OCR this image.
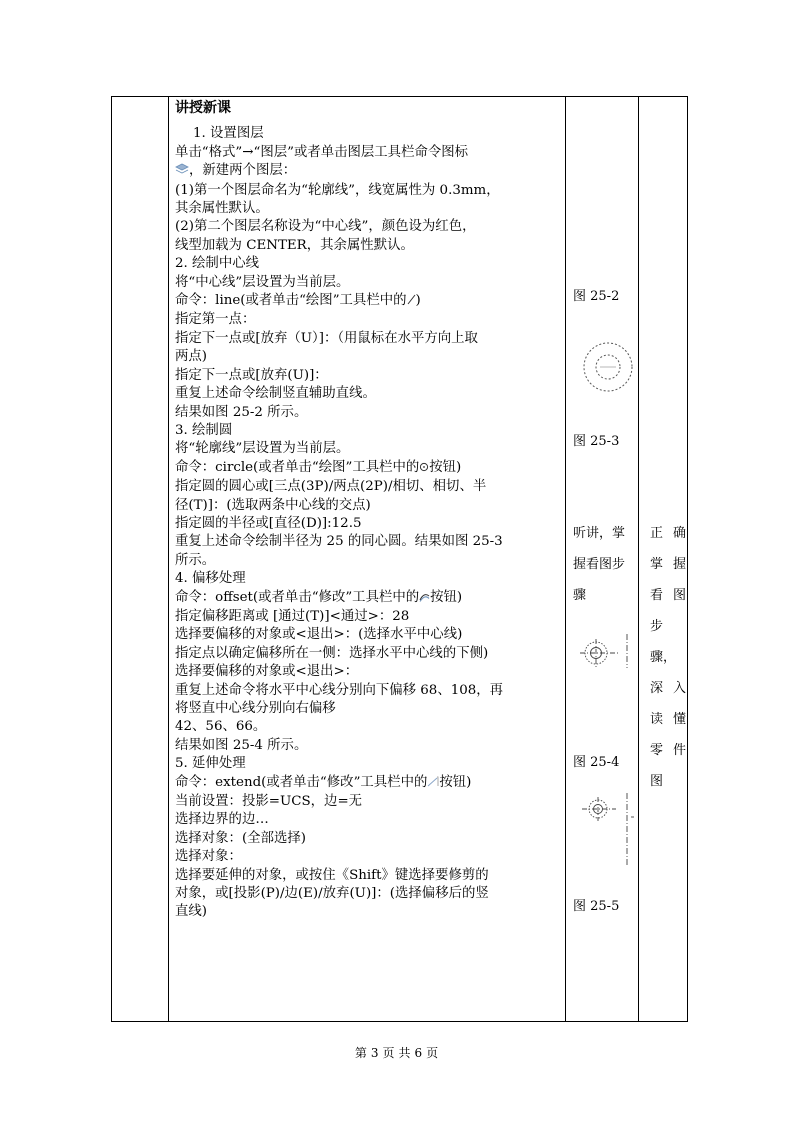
讲授新课

1. 设置图层

单击“格式”→“图层”或者单击图层工具栏命令图标

，新建两个图层：

(1)第一个图层命名为“轮廓线”，线宽属性为 0.3mm，

其余属性默认。

(2)第二个图层名称设为“中心线”，颜色设为红色，

线型加载为 CENTER，其余属性默认。

2. 绘制中心线

将“中心线”层设置为当前层。

命令：line(或者单击“绘图”工具栏中的 )

指定第一点：

指定下一点或[放弃（U）]：（用鼠标在水平方向上取

两点)

指定下一点或[放弃(U)]：

重复上述命令绘制竖直辅助直线。

结果如图 25-2 所示。

3. 绘制圆

将“轮廓线”层设置为当前层。

命令：circle(或者单击“绘图”工具栏中的 按钮)

指定圆的圆心或[三点(3P)/两点(2P)/相切、相切、半

径(T)]：(选取两条中心线的交点)

指定圆的半径或[直径(D)]:12.5

重复上述命令绘制半径为 25 的同心圆。结果如图 25-3

所示。

4. 偏移处理

命令：offset(或者单击“修改”工具栏中的 按钮)

指定偏移距离或 [通过(T)]<通过>：28

选择要偏移的对象或<退出>：(选择水平中心线)

指定点以确定偏移所在一侧：选择水平中心线的下侧)

选择要偏移的对象或<退出>：

重复上述命令将水平中心线分别向下偏移 68、108，再

将竖直中心线分别向右偏移

42、56、66。

结果如图 25-4 所示。

5. 延伸处理

命令：extend(或者单击“修改”工具栏中的 按钮)

当前设置：投影=UCS，边=无

选择边界的边…

选择对象：(全部选择)

选择对象：

选择要延伸的对象，或按住《Shift》键选择要修剪的

对象，或[投影(P)/边(E)/放弃(U)]：(选择偏移后的竖

直线)

图 25-2
图 25-3
听讲，掌
握看图步
骤
图 25-4
图 25-5

正确

掌握

看图

步

骤，

深入

读懂

零件

图

第 3 页 共 6 页
